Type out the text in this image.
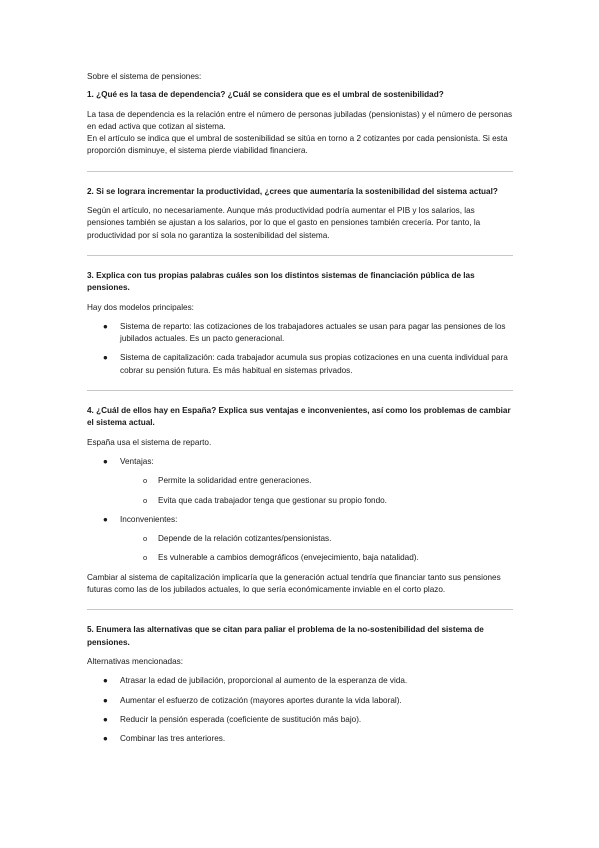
Sobre el sistema de pensiones:

1. ¿Qué es la tasa de dependencia? ¿Cuál se considera que es el umbral de sostenibilidad?

La tasa de dependencia es la relación entre el número de personas jubiladas (pensionistas) y el número de personas en edad activa que cotizan al sistema.

En el artículo se indica que el umbral de sostenibilidad se sitúa en torno a 2 cotizantes por cada pensionista. Si esta proporción disminuye, el sistema pierde viabilidad financiera.

2. Si se lograra incrementar la productividad, ¿crees que aumentaría la sostenibilidad del sistema actual?

Según el artículo, no necesariamente. Aunque más productividad podría aumentar el PIB y los salarios, las pensiones también se ajustan a los salarios, por lo que el gasto en pensiones también crecería. Por tanto, la productividad por sí sola no garantiza la sostenibilidad del sistema.

3. Explica con tus propias palabras cuáles son los distintos sistemas de financiación pública de las pensiones.

Hay dos modelos principales:

● Sistema de reparto: las cotizaciones de los trabajadores actuales se usan para pagar las pensiones de los jubilados actuales. Es un pacto generacional.
● Sistema de capitalización: cada trabajador acumula sus propias cotizaciones en una cuenta individual para cobrar su pensión futura. Es más habitual en sistemas privados.

4. ¿Cuál de ellos hay en España? Explica sus ventajas e inconvenientes, así como los problemas de cambiar el sistema actual.

España usa el sistema de reparto.

● Ventajas:
o Permite la solidaridad entre generaciones.
o Evita que cada trabajador tenga que gestionar su propio fondo.
● Inconvenientes:
o Depende de la relación cotizantes/pensionistas.
o Es vulnerable a cambios demográficos (envejecimiento, baja natalidad).

Cambiar al sistema de capitalización implicaría que la generación actual tendría que financiar tanto sus pensiones futuras como las de los jubilados actuales, lo que sería económicamente inviable en el corto plazo.

5. Enumera las alternativas que se citan para paliar el problema de la no-sostenibilidad del sistema de pensiones.

Alternativas mencionadas:

● Atrasar la edad de jubilación, proporcional al aumento de la esperanza de vida.
● Aumentar el esfuerzo de cotización (mayores aportes durante la vida laboral).
● Reducir la pensión esperada (coeficiente de sustitución más bajo).
● Combinar las tres anteriores.
